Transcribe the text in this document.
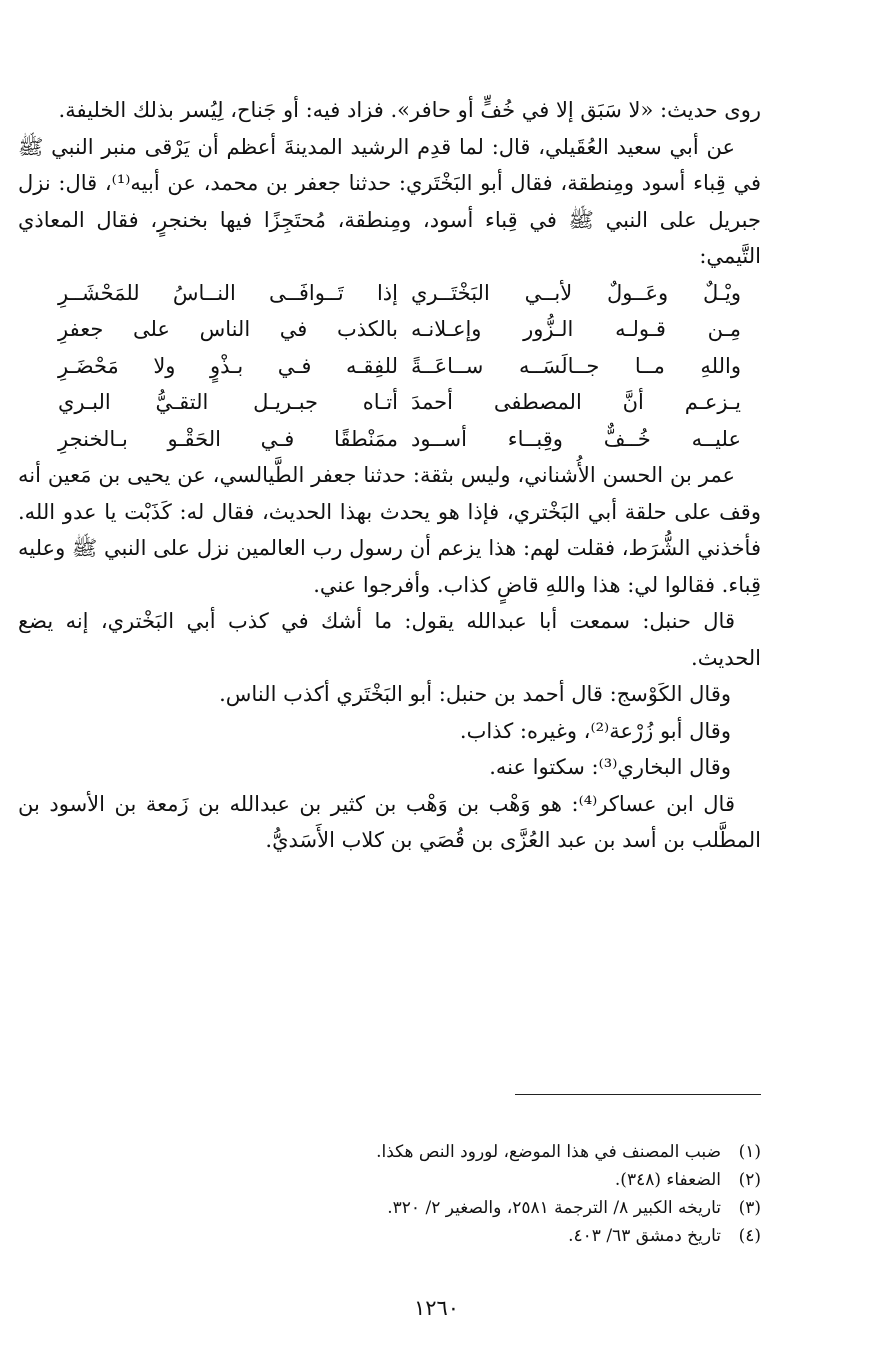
روى حديث: «لا سَبَق إلا في خُفٍّ أو حافر». فزاد فيه: أو جَناح، لِيُسر بذلك الخليفة.

عن أبي سعيد العُقَيلي، قال: لما قدِم الرشيد المدينةَ أعظم أن يَرْقى منبر النبي ﷺ في قِباء أسود ومِنطقة، فقال أبو البَخْتَري: حدثنا جعفر بن محمد، عن أبيه⁽¹⁾، قال: نزل جبريل على النبي ﷺ في قِباء أسود، ومِنطقة، مُحتَجِزًا فيها بخنجرٍ، فقال المعاذي التَّيمي:

ويْـلٌ وعَــولٌ لأبــي البَخْتَــري
إذا تَــوافَــى النــاسُ للمَحْشَــرِ
مِـن قـولـه الـزُّور وإعـلانـه
بالكذب في الناس على جعفرِ
واللهِ مــا جــالَسَــه ســاعَــةً
للفِقـه فـي بـذْوٍ ولا مَحْضَـرِ
يـزعـم أنَّ المصطفى أحمدَ
أتـاه جبـريـل التقـيُّ البـري
عليــه خُــفٌّ وقِبــاء أســود
ممَنْطقًا فـي الحَقْـو بـالخنجرِ

عمر بن الحسن الأُشناني، وليس بثقة: حدثنا جعفر الطَّيالسي، عن يحيى بن مَعين أنه وقف على حلقة أبي البَخْتري، فإذا هو يحدث بهذا الحديث، فقال له: كَذَبْت يا عدو الله. فأخذني الشُّرَط، فقلت لهم: هذا يزعم أن رسول رب العالمين نزل على النبي ﷺ وعليه قِباء. فقالوا لي: هذا واللهِ قاضٍ كذاب. وأفرجوا عني.

قال حنبل: سمعت أبا عبدالله يقول: ما أشك في كذب أبي البَخْتري، إنه يضع الحديث.

وقال الكَوْسج: قال أحمد بن حنبل: أبو البَخْتَري أكذب الناس.

وقال أبو زُرْعة⁽²⁾، وغيره: كذاب.

وقال البخاري⁽³⁾: سكتوا عنه.

قال ابن عساكر⁽⁴⁾: هو وَهْب بن وَهْب بن كثير بن عبدالله بن زَمعة بن الأسود بن المطَّلب بن أسد بن عبد العُزَّى بن قُصَي بن كلاب الأَسَديُّ.

(١)
ضبب المصنف في هذا الموضع، لورود النص هكذا.
(٢)
الضعفاء (٣٤٨).
(٣)
تاريخه الكبير ٨/ الترجمة ٢٥٨١، والصغير ٢/ ٣٢٠.
(٤)
تاريخ دمشق ٦٣/ ٤٠٣.
١٢٦٠
